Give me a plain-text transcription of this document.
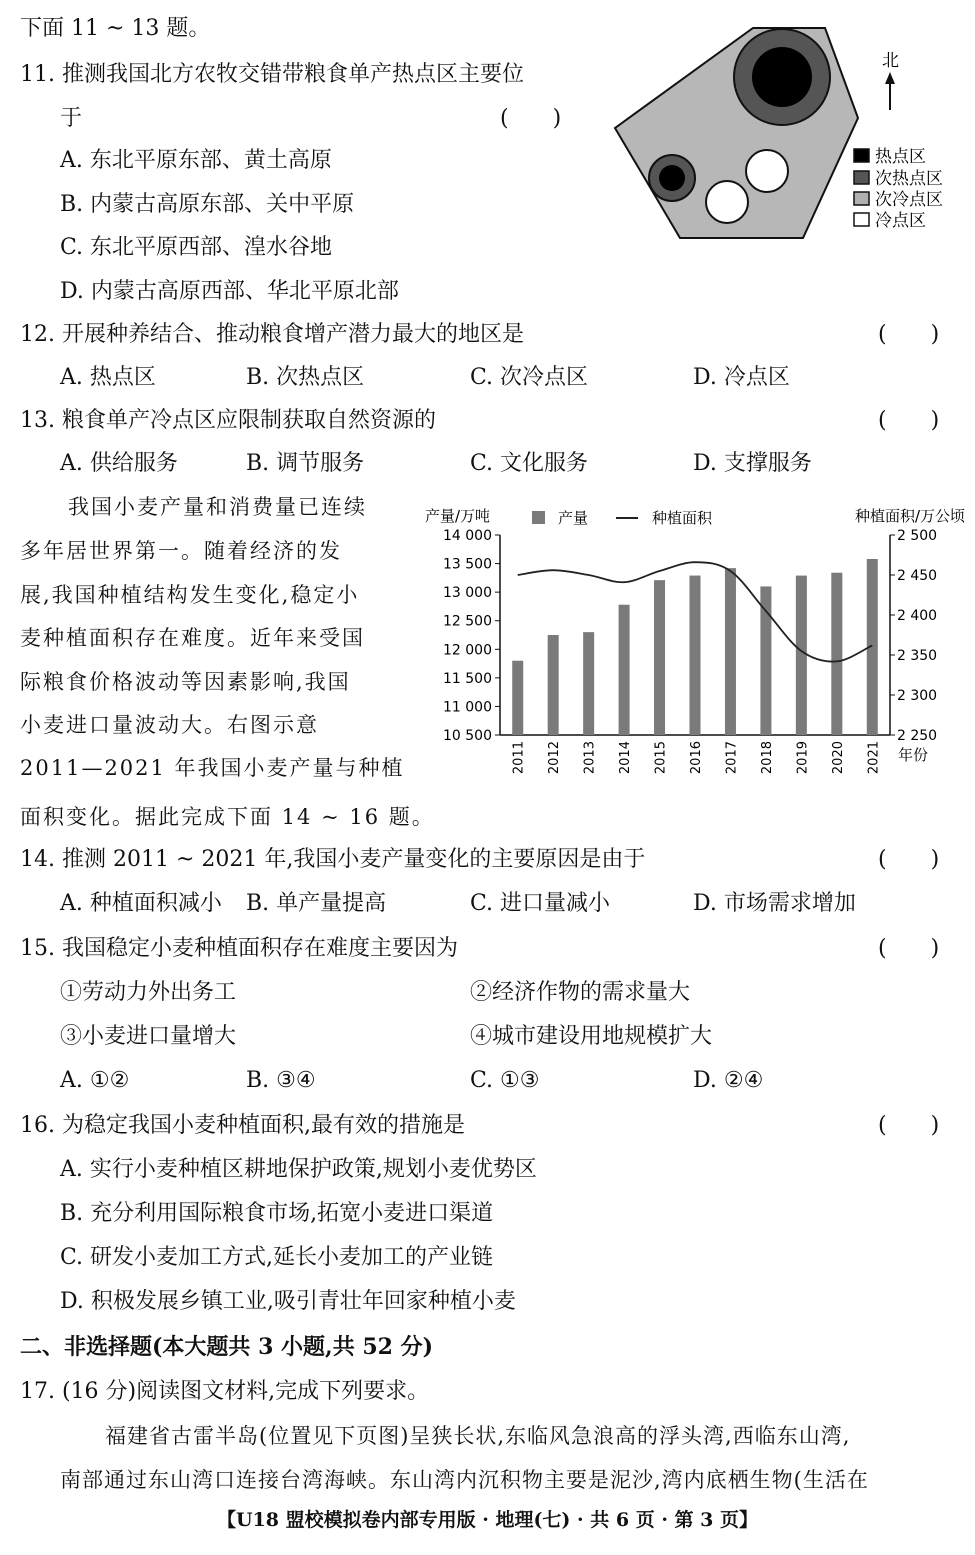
下面 11 ~ 13 题。
北
热点区
次热点区
次冷点区
冷点区
11. 推测我国北方农牧交错带粮食单产热点区主要位
于	(　　)
A. 东北平原东部、黄土高原
B. 内蒙古高原东部、关中平原
C. 东北平原西部、湟水谷地
D. 内蒙古高原西部、华北平原北部
12. 开展种养结合、推动粮食增产潜力最大的地区是	(　　)
A. 热点区	B. 次热点区	C. 次冷点区	D. 冷点区
13. 粮食单产冷点区应限制获取自然资源的	(　　)
A. 供给服务	B. 调节服务	C. 文化服务	D. 支撑服务
我国小麦产量和消费量已连续
多年居世界第一。随着经济的发
展,我国种植结构发生变化,稳定小
麦种植面积存在难度。近年来受国
际粮食价格波动等因素影响,我国
小麦进口量波动大。右图示意
2011—2021 年我国小麦产量与种植
面积变化。据此完成下面 14 ~ 16 题。
10 500
11 000
11 500
12 000
12 500
13 000
13 500
14 000
2 250
2 300
2 350
2 400
2 450
2 500
2011 2012 2013 2014 2015 2016 2017 2018 2019 2020 2021
产量/万吨	种植面积/万公顷
年份
产量	种植面积
14. 推测 2011 ~ 2021 年,我国小麦产量变化的主要原因是由于	(　　)
A. 种植面积减小 B. 单产量提高	C. 进口量减小	D. 市场需求增加
15. 我国稳定小麦种植面积存在难度主要因为	(　　)
①劳动力外出务工	②经济作物的需求量大
③小麦进口量增大	④城市建设用地规模扩大
A. ①②	B. ③④	C. ①③	D. ②④
16. 为稳定我国小麦种植面积,最有效的措施是	(　　)
A. 实行小麦种植区耕地保护政策,规划小麦优势区
B. 充分利用国际粮食市场,拓宽小麦进口渠道
C. 研发小麦加工方式,延长小麦加工的产业链
D. 积极发展乡镇工业,吸引青壮年回家种植小麦
二、非选择题(本大题共 3 小题,共 52 分)
17. (16 分)阅读图文材料,完成下列要求。
福建省古雷半岛(位置见下页图)呈狭长状,东临风急浪高的浮头湾,西临东山湾,
南部通过东山湾口连接台湾海峡。东山湾内沉积物主要是泥沙,湾内底栖生物(生活在
【U18 盟校模拟卷内部专用版 · 地理(七) · 共 6 页 · 第 3 页】
